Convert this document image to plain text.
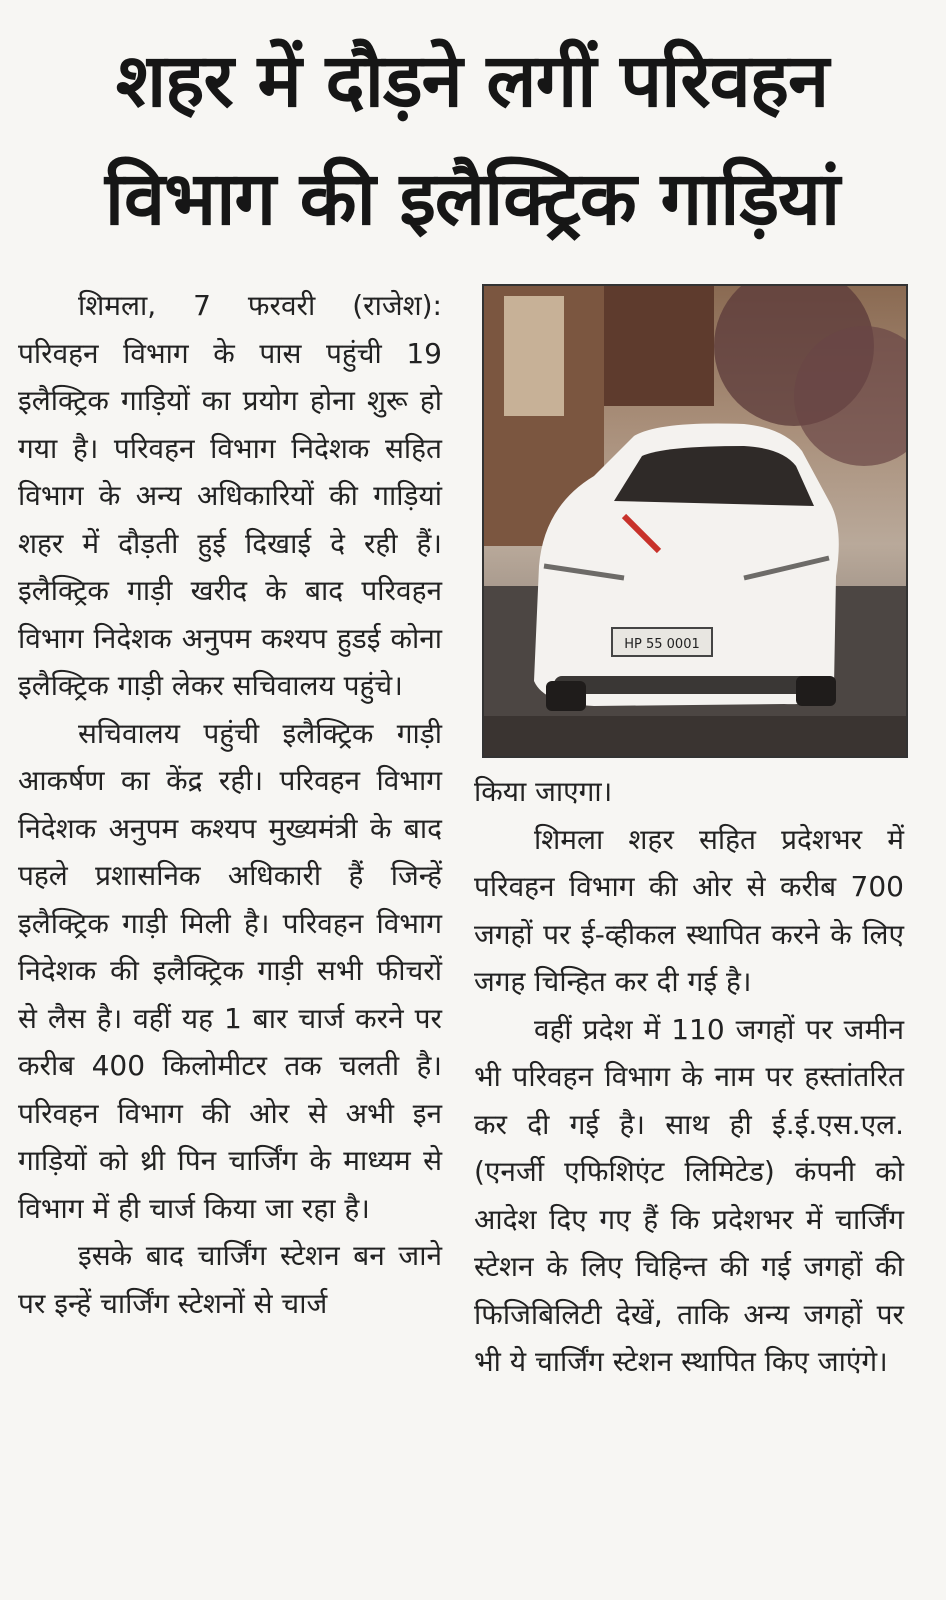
शहर में दौड़ने लगीं परिवहन
विभाग की इलैक्ट्रिक गाड़ियां

शिमला, 7 फरवरी (राजेश): परिवहन विभाग के पास पहुंची 19 इलैक्ट्रिक गाड़ियों का प्रयोग होना शुरू हो गया है। परिवहन विभाग निदेशक सहित विभाग के अन्य अधिकारियों की गाड़ियां शहर में दौड़ती हुई दिखाई दे रही हैं। इलैक्ट्रिक गाड़ी खरीद के बाद परिवहन विभाग निदेशक अनुपम कश्यप हुडई कोना इलैक्ट्रिक गाड़ी लेकर सचिवालय पहुंचे।

सचिवालय पहुंची इलैक्ट्रिक गाड़ी आकर्षण का केंद्र रही। परिवहन विभाग निदेशक अनुपम कश्यप मुख्यमंत्री के बाद पहले प्रशासनिक अधिकारी हैं जिन्हें इलैक्ट्रिक गाड़ी मिली है। परिवहन विभाग निदेशक की इलैक्ट्रिक गाड़ी सभी फीचरों से लैस है। वहीं यह 1 बार चार्ज करने पर करीब 400 किलोमीटर तक चलती है। परिवहन विभाग की ओर से अभी इन गाड़ियों को थ्री पिन चार्जिंग के माध्यम से विभाग में ही चार्ज किया जा रहा है।

इसके बाद चार्जिंग स्टेशन बन जाने पर इन्हें चार्जिंग स्टेशनों से चार्ज

HP 55 0001

किया जाएगा।

शिमला शहर सहित प्रदेशभर में परिवहन विभाग की ओर से करीब 700 जगहों पर ई-व्हीकल स्थापित करने के लिए जगह चिन्हित कर दी गई है।

वहीं प्रदेश में 110 जगहों पर जमीन भी परिवहन विभाग के नाम पर हस्तांतरित कर दी गई है। साथ ही ई.ई.एस.एल.(एनर्जी एफिशिएंट लिमिटेड) कंपनी को आदेश दिए गए हैं कि प्रदेशभर में चार्जिंग स्टेशन के लिए चिहिन्त की गई जगहों की फिजिबिलिटी देखें, ताकि अन्य जगहों पर भी ये चार्जिंग स्टेशन स्थापित किए जाएंगे।
